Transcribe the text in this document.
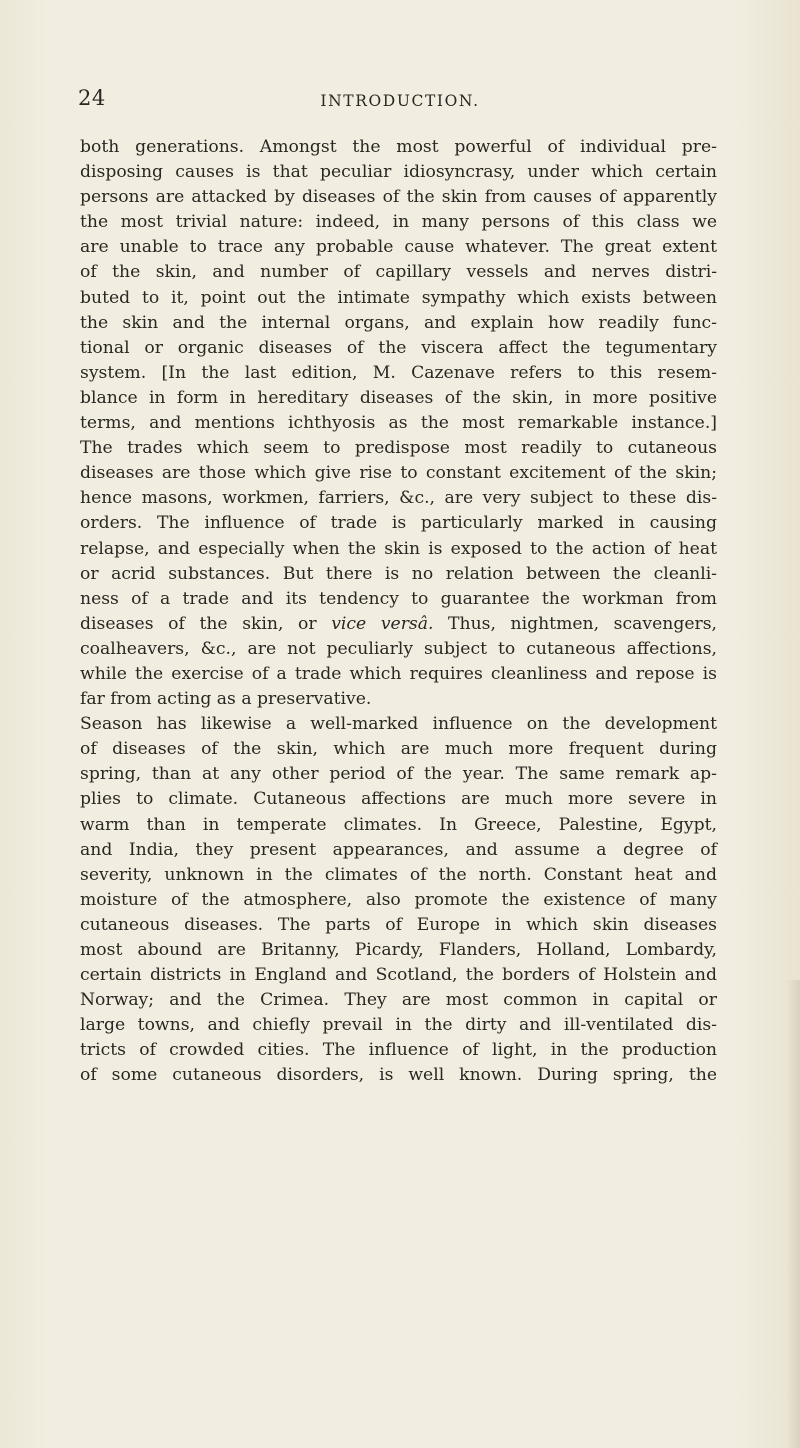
24	INTRODUCTION.
both generations. Amongst the most powerful of individual pre-
disposing causes is that peculiar idiosyncrasy, under which certain
persons are attacked by diseases of the skin from causes of apparently
the most trivial nature: indeed, in many persons of this class we
are unable to trace any probable cause whatever. The great extent
of the skin, and number of capillary vessels and nerves distri-
buted to it, point out the intimate sympathy which exists between
the skin and the internal organs, and explain how readily func-
tional or organic diseases of the viscera affect the tegumentary
system. [In the last edition, M. Cazenave refers to this resem-
blance in form in hereditary diseases of the skin, in more positive
terms, and mentions ichthyosis as the most remarkable instance.]
The trades which seem to predispose most readily to cutaneous
diseases are those which give rise to constant excitement of the skin;
hence masons, workmen, farriers, &c., are very subject to these dis-
orders. The influence of trade is particularly marked in causing
relapse, and especially when the skin is exposed to the action of heat
or acrid substances. But there is no relation between the cleanli-
ness of a trade and its tendency to guarantee the workman from
diseases of the skin, or vice versâ. Thus, nightmen, scavengers,
coalheavers, &c., are not peculiarly subject to cutaneous affections,
while the exercise of a trade which requires cleanliness and repose is
far from acting as a preservative.
Season has likewise a well-marked influence on the development
of diseases of the skin, which are much more frequent during
spring, than at any other period of the year. The same remark ap-
plies to climate. Cutaneous affections are much more severe in
warm than in temperate climates. In Greece, Palestine, Egypt,
and India, they present appearances, and assume a degree of
severity, unknown in the climates of the north. Constant heat and
moisture of the atmosphere, also promote the existence of many
cutaneous diseases. The parts of Europe in which skin diseases
most abound are Britanny, Picardy, Flanders, Holland, Lombardy,
certain districts in England and Scotland, the borders of Holstein and
Norway; and the Crimea. They are most common in capital or
large towns, and chiefly prevail in the dirty and ill-ventilated dis-
tricts of crowded cities. The influence of light, in the production
of some cutaneous disorders, is well known. During spring, the
